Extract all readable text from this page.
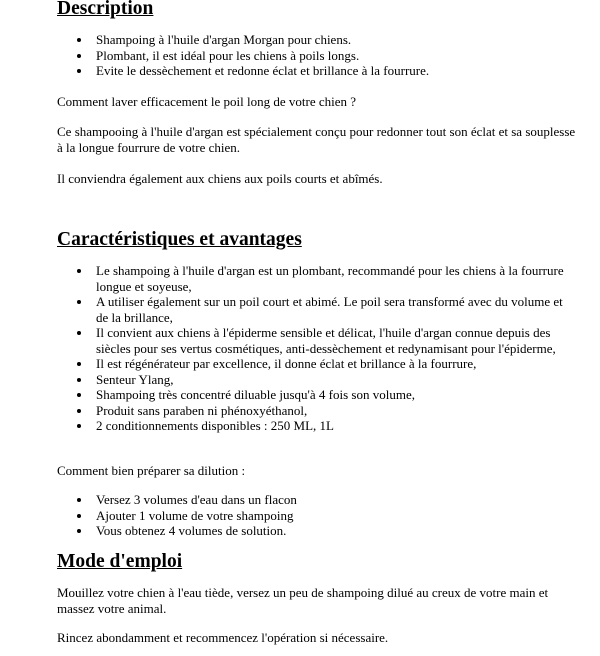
Description
Shampoing à l'huile d'argan Morgan pour chiens.
Plombant, il est idéal pour les chiens à poils longs.
Evite le dessèchement et redonne éclat et brillance à la fourrure.

Comment laver efficacement le poil long de votre chien ?

Ce shampooing à l'huile d'argan est spécialement conçu pour redonner tout son éclat et sa souplesse à la longue fourrure de votre chien.

Il conviendra également aux chiens aux poils courts et abîmés.

Caractéristiques et avantages
Le shampoing à l'huile d'argan est un plombant, recommandé pour les chiens à la fourrure longue et soyeuse,
A utiliser également sur un poil court et abimé. Le poil sera transformé avec du volume et de la brillance,
Il convient aux chiens à l'épiderme sensible et délicat, l'huile d'argan connue depuis des siècles pour ses vertus cosmétiques, anti-dessèchement et redynamisant pour l'épiderme,
Il est régénérateur par excellence, il donne éclat et brillance à la fourrure,
Senteur Ylang,
Shampoing très concentré diluable jusqu'à 4 fois son volume,
Produit sans paraben ni phénoxyéthanol,
2 conditionnements disponibles : 250 ML, 1L

Comment bien préparer sa dilution :

Versez 3 volumes d'eau dans un flacon
Ajouter 1 volume de votre shampoing
Vous obtenez 4 volumes de solution.
Mode d'emploi

Mouillez votre chien à l'eau tiède, versez un peu de shampoing dilué au creux de votre main et massez votre animal.

Rincez abondamment et recommencez l'opération si nécessaire.
